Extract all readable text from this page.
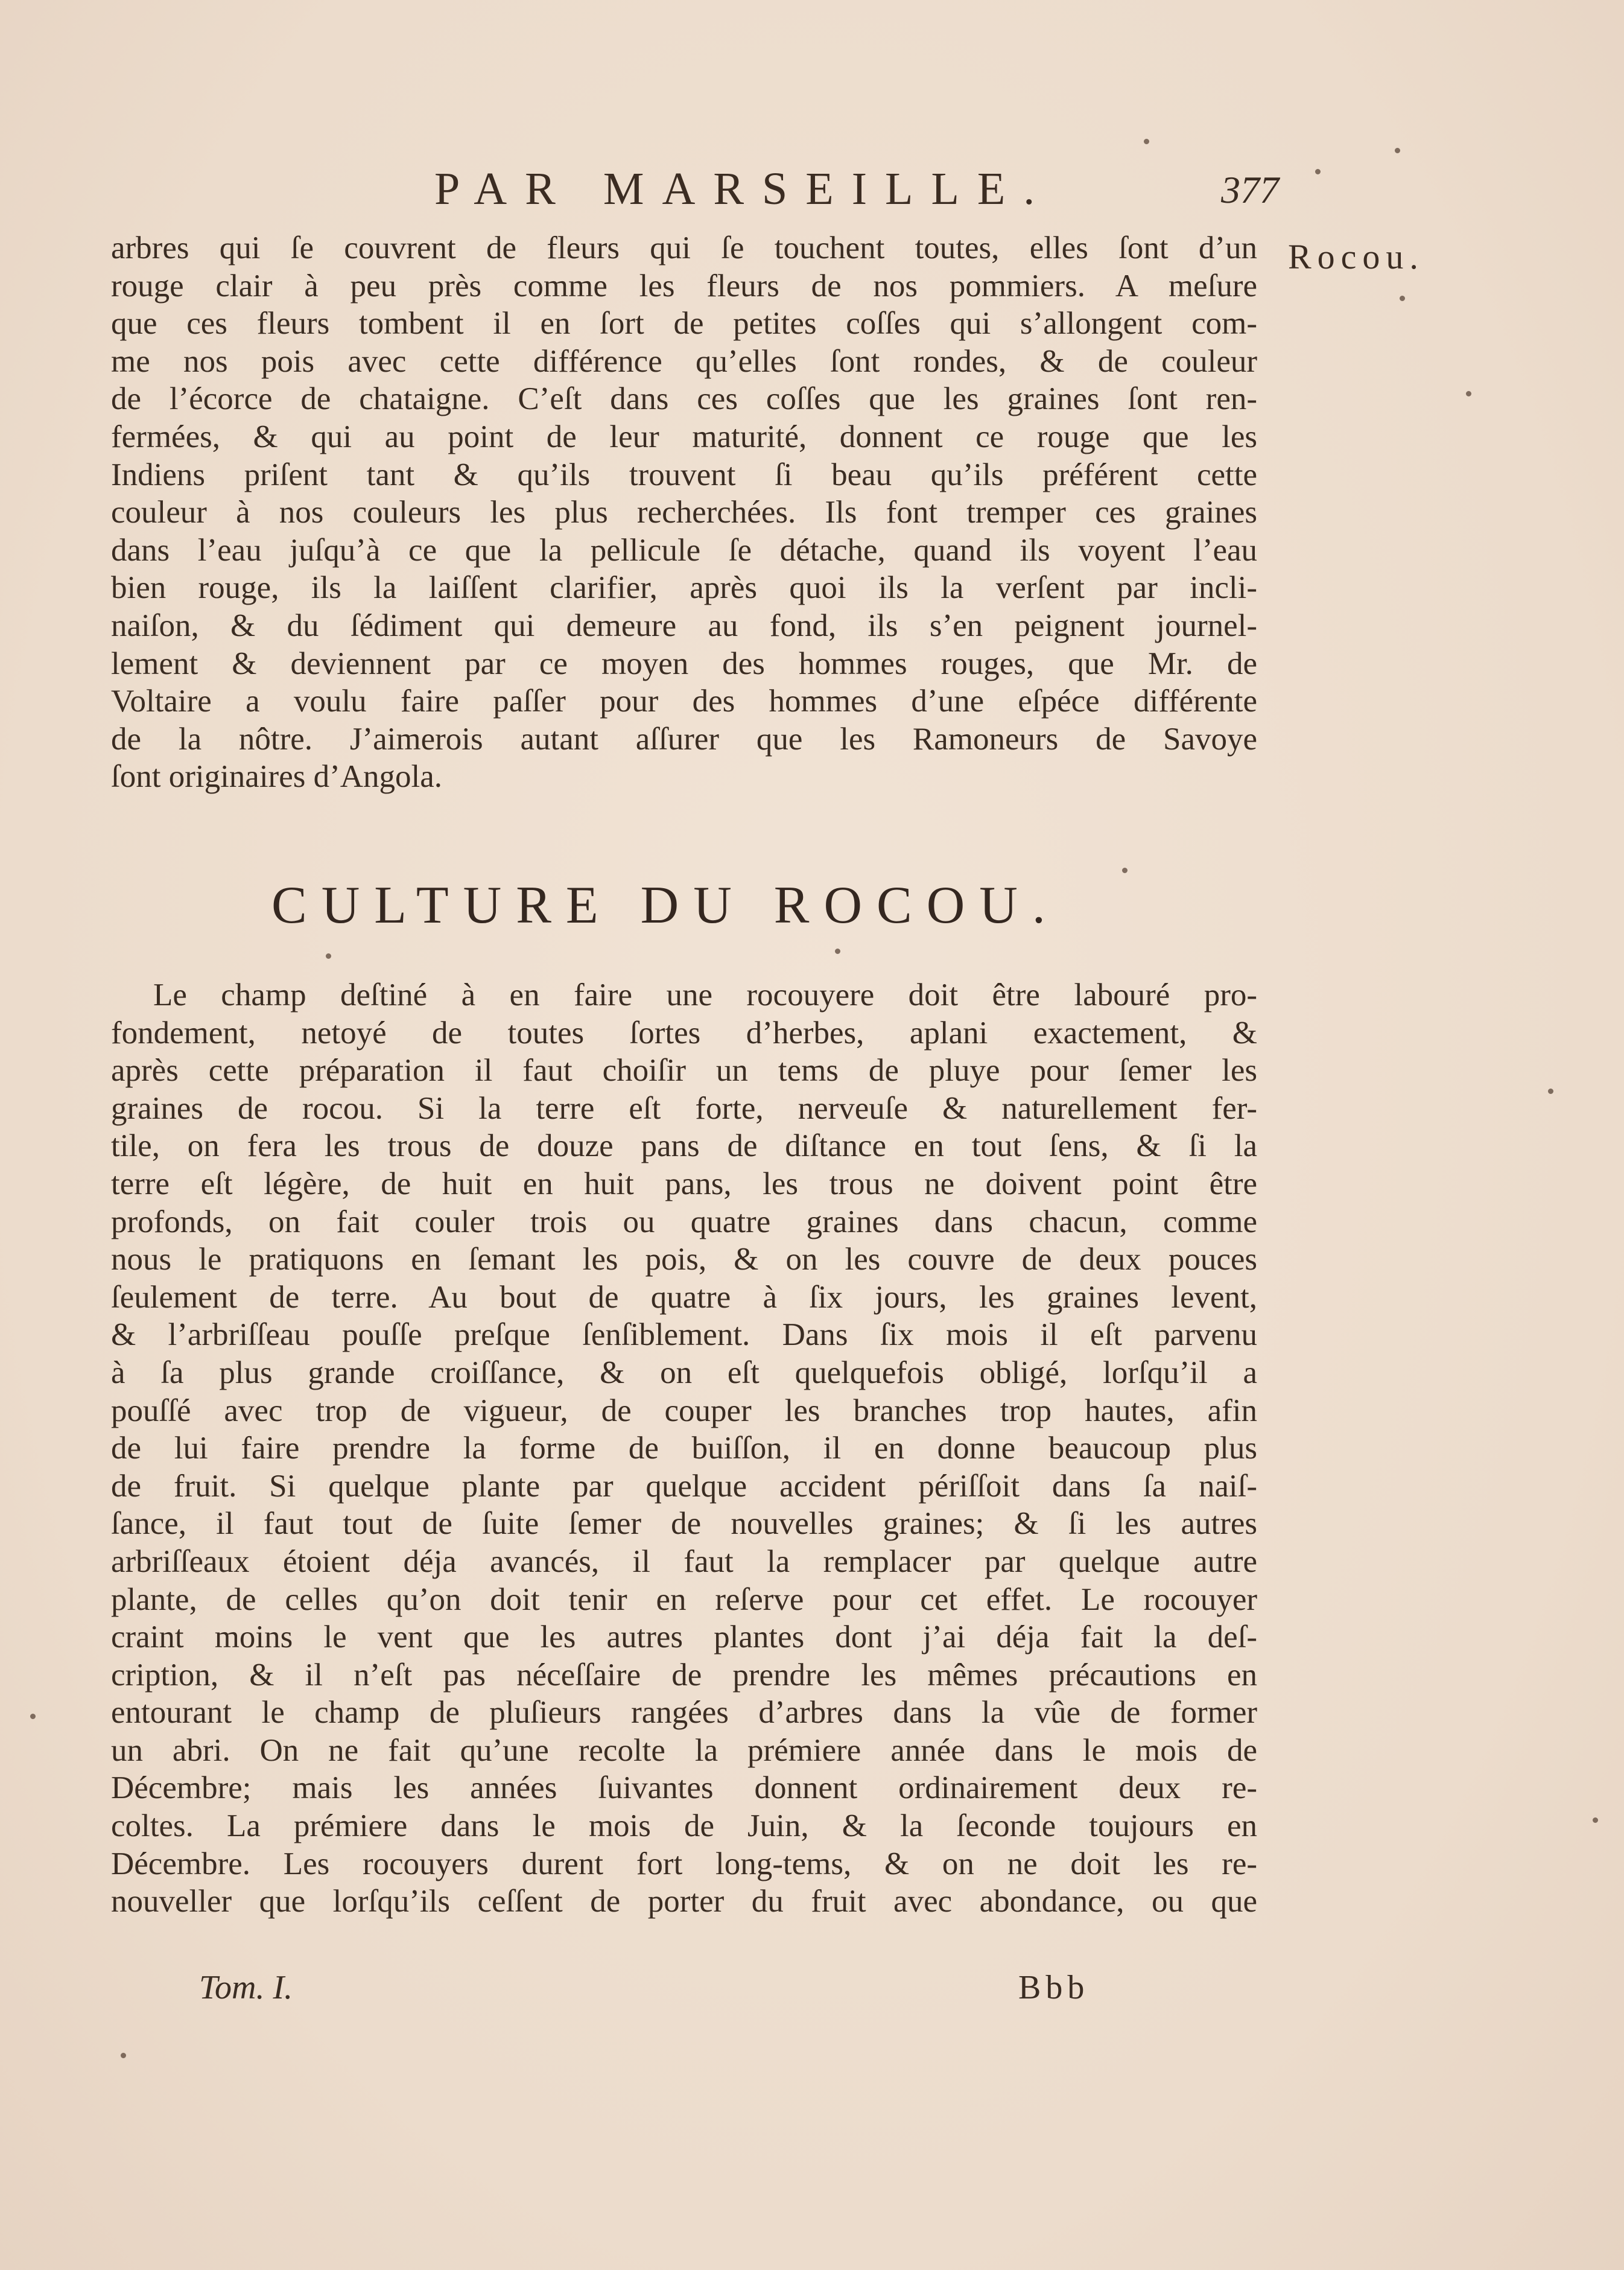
PAR MARSEILLE.	377
Rocou.
arbres qui ſe couvrent de fleurs qui ſe touchent toutes, elles ſont d’un
rouge clair à peu près comme les fleurs de nos pommiers. A meſure
que ces fleurs tombent il en ſort de petites coſſes qui s’allongent com-
me nos pois avec cette différence qu’elles ſont rondes, & de couleur
de l’écorce de chataigne. C’eſt dans ces coſſes que les graines ſont ren-
fermées, & qui au point de leur maturité, donnent ce rouge que les
Indiens priſent tant & qu’ils trouvent ſi beau qu’ils préférent cette
couleur à nos couleurs les plus recherchées. Ils font tremper ces graines
dans l’eau juſqu’à ce que la pellicule ſe détache, quand ils voyent l’eau
bien rouge, ils la laiſſent clarifier, après quoi ils la verſent par incli-
naiſon, & du ſédiment qui demeure au fond, ils s’en peignent journel-
lement & deviennent par ce moyen des hommes rouges, que Mr. de
Voltaire a voulu faire paſſer pour des hommes d’une eſpéce différente
de la nôtre. J’aimerois autant aſſurer que les Ramoneurs de Savoye
ſont originaires d’Angola.
CULTURE DU ROCOU.
Le champ deſtiné à en faire une rocouyere doit être labouré pro-
fondement, netoyé de toutes ſortes d’herbes, aplani exactement, &
après cette préparation il faut choiſir un tems de pluye pour ſemer les
graines de rocou. Si la terre eſt forte, nerveuſe & naturellement fer-
tile, on fera les trous de douze pans de diſtance en tout ſens, & ſi la
terre eſt légère, de huit en huit pans, les trous ne doivent point être
profonds, on fait couler trois ou quatre graines dans chacun, comme
nous le pratiquons en ſemant les pois, & on les couvre de deux pouces
ſeulement de terre. Au bout de quatre à ſix jours, les graines levent,
& l’arbriſſeau pouſſe preſque ſenſiblement. Dans ſix mois il eſt parvenu
à ſa plus grande croiſſance, & on eſt quelquefois obligé, lorſqu’il a
pouſſé avec trop de vigueur, de couper les branches trop hautes, afin
de lui faire prendre la forme de buiſſon, il en donne beaucoup plus
de fruit. Si quelque plante par quelque accident périſſoit dans ſa naiſ-
ſance, il faut tout de ſuite ſemer de nouvelles graines; & ſi les autres
arbriſſeaux étoient déja avancés, il faut la remplacer par quelque autre
plante, de celles qu’on doit tenir en reſerve pour cet effet. Le rocouyer
craint moins le vent que les autres plantes dont j’ai déja fait la deſ-
cription, & il n’eſt pas néceſſaire de prendre les mêmes précautions en
entourant le champ de pluſieurs rangées d’arbres dans la vûe de former
un abri. On ne fait qu’une recolte la prémiere année dans le mois de
Décembre; mais les années ſuivantes donnent ordinairement deux re-
coltes. La prémiere dans le mois de Juin, & la ſeconde toujours en
Décembre. Les rocouyers durent fort long-tems, & on ne doit les re-
nouveller que lorſqu’ils ceſſent de porter du fruit avec abondance, ou que
Tom. I.	Bbb
